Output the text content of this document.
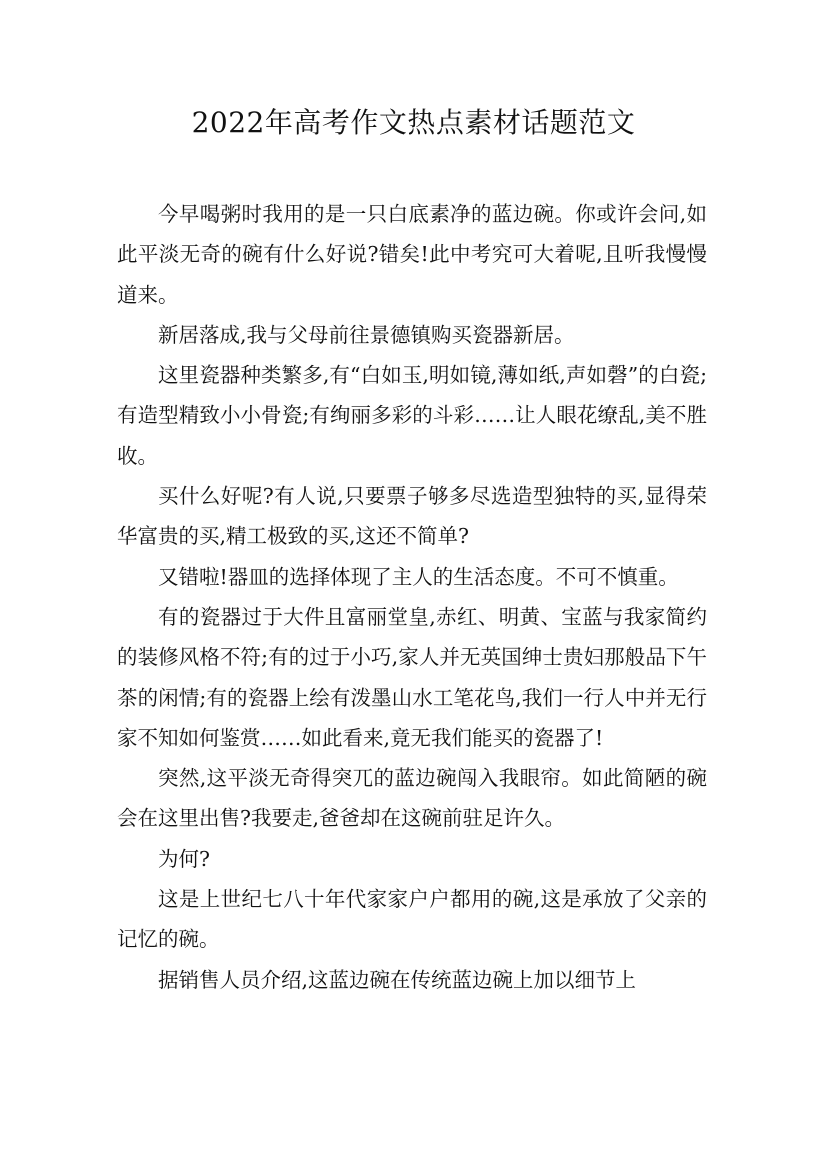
2022年高考作文热点素材话题范文

今早喝粥时我用的是一只白底素净的蓝边碗。你或许会问,如此平淡无奇的碗有什么好说?错矣!此中考究可大着呢,且听我慢慢道来。

新居落成,我与父母前往景德镇购买瓷器新居。

这里瓷器种类繁多,有“白如玉,明如镜,薄如纸,声如磬”的白瓷;有造型精致小小骨瓷;有绚丽多彩的斗彩……让人眼花缭乱,美不胜收。

买什么好呢?有人说,只要票子够多尽选造型独特的买,显得荣华富贵的买,精工极致的买,这还不简单?

又错啦!器皿的选择体现了主人的生活态度。不可不慎重。

有的瓷器过于大件且富丽堂皇,赤红、明黄、宝蓝与我家简约的装修风格不符;有的过于小巧,家人并无英国绅士贵妇那般品下午茶的闲情;有的瓷器上绘有泼墨山水工笔花鸟,我们一行人中并无行家不知如何鉴赏……如此看来,竟无我们能买的瓷器了!

突然,这平淡无奇得突兀的蓝边碗闯入我眼帘。如此简陋的碗会在这里出售?我要走,爸爸却在这碗前驻足许久。

为何?

这是上世纪七八十年代家家户户都用的碗,这是承放了父亲的记忆的碗。

据销售人员介绍,这蓝边碗在传统蓝边碗上加以细节上
